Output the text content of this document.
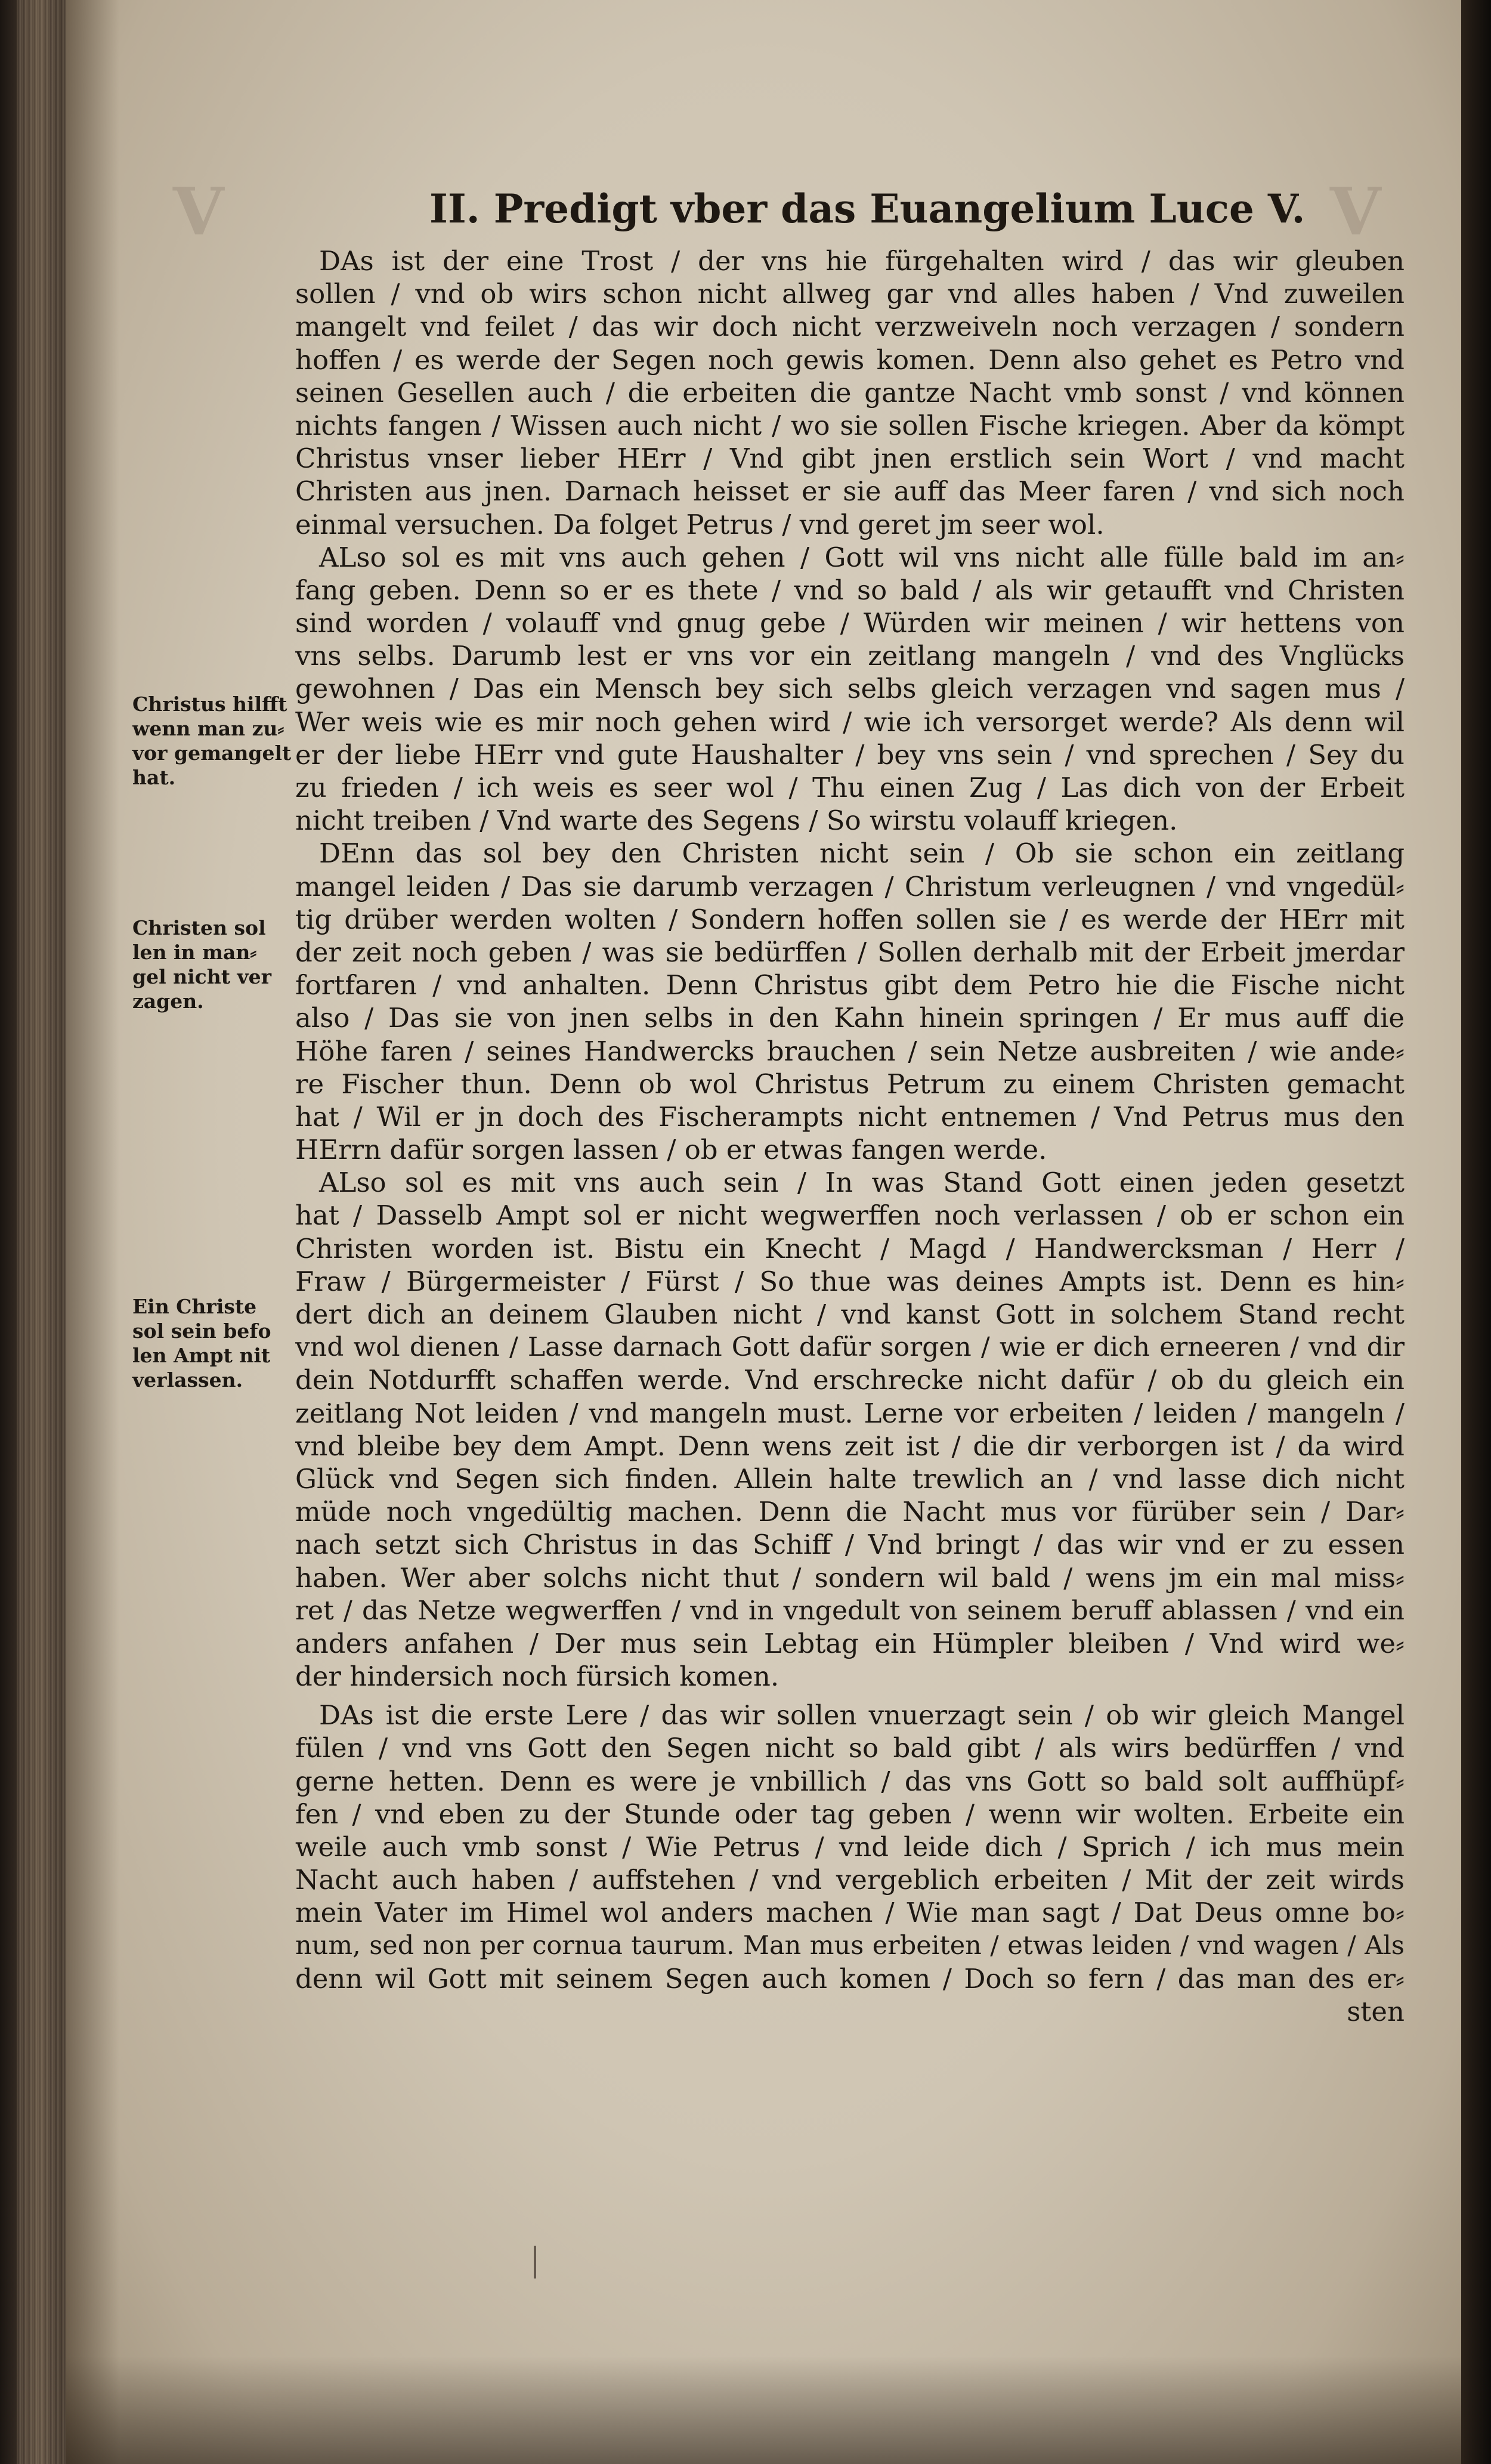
V	V
II. Predigt vber das Euangelium Luce V.
Christus hilfft
wenn man zu⸗
vor gemangelt
hat.
Christen sol
len in man⸗
gel nicht ver
zagen.
Ein Christe
sol sein befo
len Ampt nit
verlassen.
DAs ist der eine Trost / der vns hie fürgehalten wird / das wir gleuben
sollen / vnd ob wirs schon nicht allweg gar vnd alles haben / Vnd zuweilen
mangelt vnd feilet / das wir doch nicht verzweiveln noch verzagen / sondern
hoffen / es werde der Segen noch gewis komen. Denn also gehet es Petro vnd
seinen Gesellen auch / die erbeiten die gantze Nacht vmb sonst / vnd können
nichts fangen / Wissen auch nicht / wo sie sollen Fische kriegen. Aber da kömpt
Christus vnser lieber HErr / Vnd gibt jnen erstlich sein Wort / vnd macht
Christen aus jnen. Darnach heisset er sie auff das Meer faren / vnd sich noch
einmal versuchen. Da folget Petrus / vnd geret jm seer wol.
ALso sol es mit vns auch gehen / Gott wil vns nicht alle fülle bald im an⸗
fang geben. Denn so er es thete / vnd so bald / als wir getaufft vnd Christen
sind worden / volauff vnd gnug gebe / Würden wir meinen / wir hettens von
vns selbs. Darumb lest er vns vor ein zeitlang mangeln / vnd des Vnglücks
gewohnen / Das ein Mensch bey sich selbs gleich verzagen vnd sagen mus /
Wer weis wie es mir noch gehen wird / wie ich versorget werde? Als denn wil
er der liebe HErr vnd gute Haushalter / bey vns sein / vnd sprechen / Sey du
zu frieden / ich weis es seer wol / Thu einen Zug / Las dich von der Erbeit
nicht treiben / Vnd warte des Segens / So wirstu volauff kriegen.
DEnn das sol bey den Christen nicht sein / Ob sie schon ein zeitlang
mangel leiden / Das sie darumb verzagen / Christum verleugnen / vnd vngedül⸗
tig drüber werden wolten / Sondern hoffen sollen sie / es werde der HErr mit
der zeit noch geben / was sie bedürffen / Sollen derhalb mit der Erbeit jmerdar
fortfaren / vnd anhalten. Denn Christus gibt dem Petro hie die Fische nicht
also / Das sie von jnen selbs in den Kahn hinein springen / Er mus auff die
Höhe faren / seines Handwercks brauchen / sein Netze ausbreiten / wie ande⸗
re Fischer thun. Denn ob wol Christus Petrum zu einem Christen gemacht
hat / Wil er jn doch des Fischerampts nicht entnemen / Vnd Petrus mus den
HErrn dafür sorgen lassen / ob er etwas fangen werde.
ALso sol es mit vns auch sein / In was Stand Gott einen jeden gesetzt
hat / Dasselb Ampt sol er nicht wegwerffen noch verlassen / ob er schon ein
Christen worden ist. Bistu ein Knecht / Magd / Handwercksman / Herr /
Fraw / Bürgermeister / Fürst / So thue was deines Ampts ist. Denn es hin⸗
dert dich an deinem Glauben nicht / vnd kanst Gott in solchem Stand recht
vnd wol dienen / Lasse darnach Gott dafür sorgen / wie er dich erneeren / vnd dir
dein Notdurfft schaffen werde. Vnd erschrecke nicht dafür / ob du gleich ein
zeitlang Not leiden / vnd mangeln must. Lerne vor erbeiten / leiden / mangeln /
vnd bleibe bey dem Ampt. Denn wens zeit ist / die dir verborgen ist / da wird
Glück vnd Segen sich finden. Allein halte trewlich an / vnd lasse dich nicht
müde noch vngedültig machen. Denn die Nacht mus vor fürüber sein / Dar⸗
nach setzt sich Christus in das Schiff / Vnd bringt / das wir vnd er zu essen
haben. Wer aber solchs nicht thut / sondern wil bald / wens jm ein mal miss⸗
ret / das Netze wegwerffen / vnd in vngedult von seinem beruff ablassen / vnd ein
anders anfahen / Der mus sein Lebtag ein Hümpler bleiben / Vnd wird we⸗
der hindersich noch fürsich komen.
DAs ist die erste Lere / das wir sollen vnuerzagt sein / ob wir gleich Mangel
fülen / vnd vns Gott den Segen nicht so bald gibt / als wirs bedürffen / vnd
gerne hetten. Denn es were je vnbillich / das vns Gott so bald solt auffhüpf⸗
fen / vnd eben zu der Stunde oder tag geben / wenn wir wolten. Erbeite ein
weile auch vmb sonst / Wie Petrus / vnd leide dich / Sprich / ich mus mein
Nacht auch haben / auffstehen / vnd vergeblich erbeiten / Mit der zeit wirds
mein Vater im Himel wol anders machen / Wie man sagt / Dat Deus omne bo⸗
num, sed non per cornua taurum. Man mus erbeiten / etwas leiden / vnd wagen / Als
denn wil Gott mit seinem Segen auch komen / Doch so fern / das man des er⸗
sten
